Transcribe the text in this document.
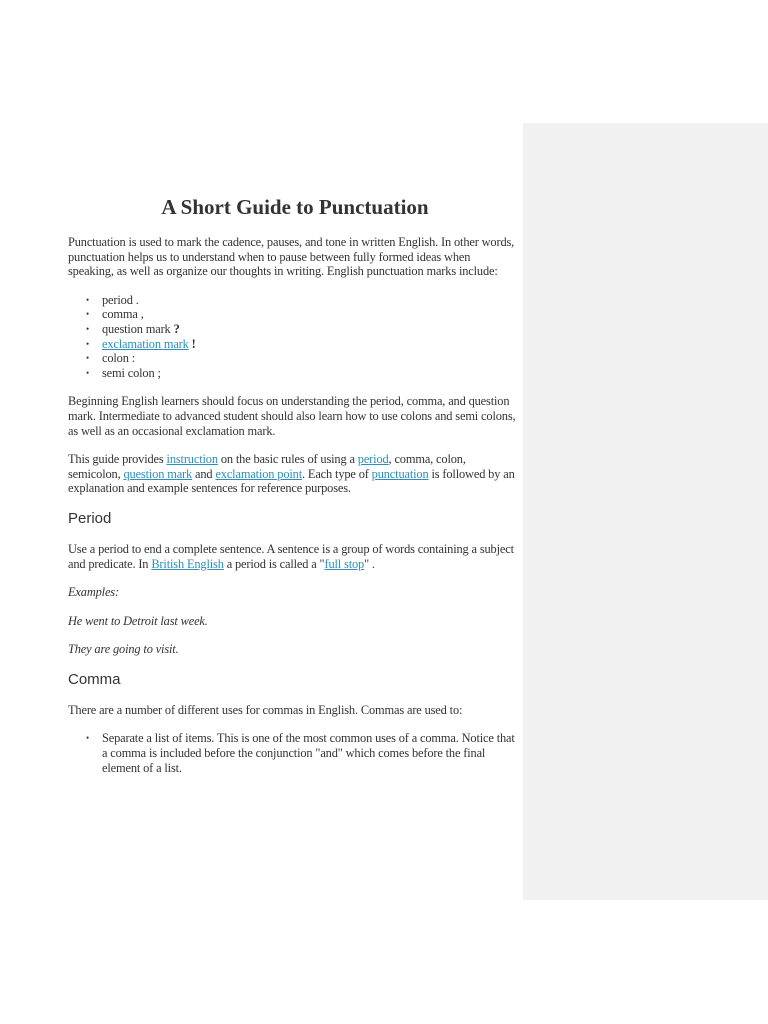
A Short Guide to Punctuation

Punctuation is used to mark the cadence, pauses, and tone in written English. In other words, punctuation helps us to understand when to pause between fully formed ideas when speaking, as well as organize our thoughts in writing. English punctuation marks include:

• period .
• comma ,
• question mark ?
• exclamation mark !
• colon :
• semi colon ;

Beginning English learners should focus on understanding the period, comma, and question mark. Intermediate to advanced student should also learn how to use colons and semi colons, as well as an occasional exclamation mark.

This guide provides instruction on the basic rules of using a period, comma, colon, semicolon, question mark and exclamation point. Each type of punctuation is followed by an explanation and example sentences for reference purposes.

Period

Use a period to end a complete sentence. A sentence is a group of words containing a subject and predicate. In British English a period is called a "full stop" .

Examples:

He went to Detroit last week.

They are going to visit.

Comma

There are a number of different uses for commas in English. Commas are used to:

• Separate a list of items. This is one of the most common uses of a comma. Notice that a comma is included before the conjunction "and" which comes before the final element of a list.
